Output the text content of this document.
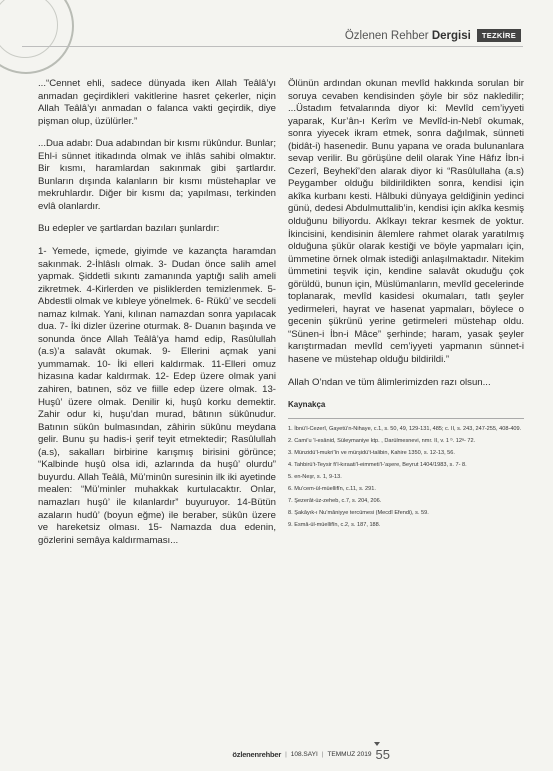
Özlenen Rehber Dergisi	TEZKİRE

...“Cennet ehli, sadece dünyada iken Allah Teâlâ’yı anmadan geçirdikleri vakitlerine hasret çekerler, niçin Allah Teâlâ’yı anmadan o falanca vakti geçirdik, diye pişman olup, üzülürler.”

...Dua adabı: Dua adabından bir kısmı rükûndur. Bunlar; Ehl-i sünnet itikadında olmak ve ihlâs sahibi olmaktır. Bir kısmı, haramlardan sakınmak gibi şartlardır. Bunların dışında kalanların bir kısmı müstehaplar ve mekruhlardır. Diğer bir kısmı da; yapılması, terkinden evlâ olanlardır.

Bu edepler ve şartlardan bazıları şunlardır:

1- Yemede, içmede, giyimde ve kazançta haramdan sakınmak. 2-İhlâslı olmak. 3- Dudan önce salih amel yapmak. Şiddetli sıkıntı zamanında yaptığı salih ameli zikretmek. 4-Kirlerden ve pisliklerden temizlenmek. 5- Abdestli olmak ve kıbleye yönelmek. 6- Rükû’ ve secdeli namaz kılmak. Yani, kılınan namazdan sonra yapılacak dua. 7- İki dizler üzerine oturmak. 8- Duanın başında ve sonunda önce Allah Teâlâ’ya hamd edip, Rasûlullah (a.s)’a salavât okumak. 9- Ellerini açmak yani yummamak. 10- İki elleri kaldırmak. 11-Elleri omuz hizasına kadar kaldırmak. 12- Edep üzere olmak yani zahiren, batınen, söz ve fiille edep üzere olmak. 13- Huşû’ üzere olmak. Denilir ki, huşû korku demektir. Zahir odur ki, huşu’dan murad, bâtının sükûnudur. Batının sükûn bulmasından, zâhirin sükûnu meydana gelir. Bunu şu hadis-i şerif teyit etmektedir; Rasûlullah (a.s), sakalları birbirine karışmış birisini görünce; “Kalbinde huşû olsa idi, azlarında da huşû’ olurdu” buyurdu. Allah Teâlâ, Mü’minûn suresinin ilk iki ayetinde mealen: “Mü’minler muhakkak kurtulacaktır. Onlar, namazları huşû’ ile kılanlardır” buyuruyor. 14-Bütün azaların hudû’ (boyun eğme) ile beraber, sükûn üzere ve hareketsiz olması. 15- Namazda dua edenin, gözlerini semâya kaldırmaması...

Ölünün ardından okunan mevlîd hakkında sorulan bir soruya cevaben kendisinden şöyle bir söz nakledilir; ...Üstadım fetvalarında diyor ki: Mevlîd cem’iyyeti yaparak, Kur’ân-ı Kerîm ve Mevlîd-in-Nebî okumak, sonra yiyecek ikram etmek, sonra dağılmak, sünneti (bidât-i) hasenedir. Bunu yapana ve orada bulunanlara sevap verilir. Bu görüşüne delil olarak Yine Hâfız İbn-i Cezerî, Beyhekî’den alarak diyor ki “Rasûlullaha (a.s) Peygamber olduğu bildirildikten sonra, kendisi için akîka kurbanı kesti. Hâlbuki dünyaya geldiğinin yedinci günü, dedesi Abdulmuttalib’in, kendisi için akîka kesmiş olduğunu biliyordu. Akîkayı tekrar kesmek de yoktur. İkincisini, kendisinin âlemlere rahmet olarak yaratılmış olduğuna şükür olarak kestiği ve böyle yapmaları için, ümmetine örnek olmak istediği anlaşılmaktadır. Nitekim ümmetini teşvik için, kendine salavât okuduğu çok görüldü, bunun için, Müslümanların, mevlîd gecelerinde toplanarak, mevlîd kasidesi okumaları, tatlı şeyler yedirmeleri, hayrat ve hasenat yapmaları, böylece o gecenin şükrünü yerine getirmeleri müstehap oldu. “Sünen-i İbn-i Mâce” şerhinde; haram, yasak şeyler karıştırmadan mevlîd cem’iyyeti yapmanın sünnet-i hasene ve müstehap olduğu bildirildi.”

Allah O’ndan ve tüm âlimlerimizden razı olsun...

Kaynakça
1. İbnü’l-Cezerî, Gayetü’n-Nihaye, c.1, s. 50, 49, 129-131, 485; c. II, s. 243, 247-255, 408-409.
2. Cami’u ’l-esânid, Süleymaniye ktp. , Darülmesnevi, nmr. II, v. 1 ᵇ. 12ᵃ- 72.
3. Münzidü’l-mukri’în ve mürşidü’t-talibin, Kahire 1350, s. 12-13, 56.
4. Tahbirü’t-Teysir fi’l-kıraati’l-eimmeti’l-’aşere, Beyrut 1404/1983, s. 7- 8.
5. en-Neşr, s. 1, 9-13.
6. Mu’cem-ül-müellifîn, c.11, s. 291.
7. Şezerât-üz-zeheb, c.7, s. 204, 206.
8. Şakâyık-ı Nu’mâniyye tercümesi (Mecdî Efendi), s. 59.
9. Esmâ-ül-müellifîn, c.2, s. 187, 188.
özlenenrehber | 108.SAYI | TEMMUZ 2019 55
